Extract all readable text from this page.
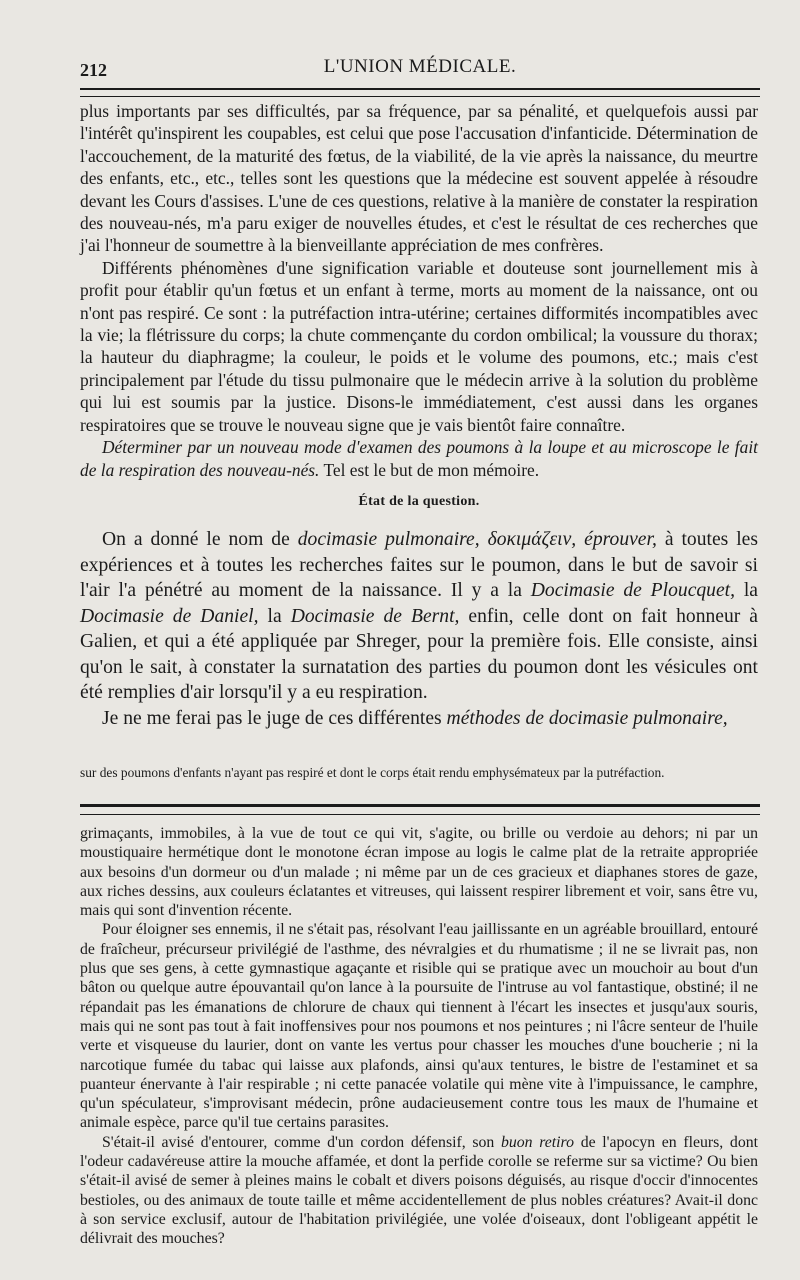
212	L'UNION MÉDICALE.

plus importants par ses difficultés, par sa fréquence, par sa pénalité, et quelquefois aussi par l'intérêt qu'inspirent les coupables, est celui que pose l'accusation d'infanticide. Détermination de l'accouchement, de la maturité des fœtus, de la viabilité, de la vie après la naissance, du meurtre des enfants, etc., etc., telles sont les questions que la médecine est souvent appelée à résoudre devant les Cours d'assises. L'une de ces questions, relative à la manière de constater la respiration des nouveau-nés, m'a paru exiger de nouvelles études, et c'est le résultat de ces recherches que j'ai l'honneur de soumettre à la bienveillante appréciation de mes confrères.

Différents phénomènes d'une signification variable et douteuse sont journellement mis à profit pour établir qu'un fœtus et un enfant à terme, morts au moment de la naissance, ont ou n'ont pas respiré. Ce sont : la putréfaction intra-utérine; certaines difformités incompatibles avec la vie; la flétrissure du corps; la chute commençante du cordon ombilical; la voussure du thorax; la hauteur du diaphragme; la couleur, le poids et le volume des poumons, etc.; mais c'est principalement par l'étude du tissu pulmonaire que le médecin arrive à la solution du problème qui lui est soumis par la justice. Disons-le immédiatement, c'est aussi dans les organes respiratoires que se trouve le nouveau signe que je vais bientôt faire connaître.

Déterminer par un nouveau mode d'examen des poumons à la loupe et au microscope le fait de la respiration des nouveau-nés. Tel est le but de mon mémoire.

État de la question.

On a donné le nom de docimasie pulmonaire, δοκιμάζειν, éprouver, à toutes les expériences et à toutes les recherches faites sur le poumon, dans le but de savoir si l'air l'a pénétré au moment de la naissance. Il y a la Docimasie de Ploucquet, la Docimasie de Daniel, la Docimasie de Bernt, enfin, celle dont on fait honneur à Galien, et qui a été appliquée par Shreger, pour la première fois. Elle consiste, ainsi qu'on le sait, à constater la surnatation des parties du poumon dont les vésicules ont été remplies d'air lorsqu'il y a eu respiration.

Je ne me ferai pas le juge de ces différentes méthodes de docimasie pulmonaire,

sur des poumons d'enfants n'ayant pas respiré et dont le corps était rendu emphysémateux par la putréfaction.

grimaçants, immobiles, à la vue de tout ce qui vit, s'agite, ou brille ou verdoie au dehors; ni par un moustiquaire hermétique dont le monotone écran impose au logis le calme plat de la retraite appropriée aux besoins d'un dormeur ou d'un malade ; ni même par un de ces gracieux et diaphanes stores de gaze, aux riches dessins, aux couleurs éclatantes et vitreuses, qui laissent respirer librement et voir, sans être vu, mais qui sont d'invention récente.

Pour éloigner ses ennemis, il ne s'était pas, résolvant l'eau jaillissante en un agréable brouillard, entouré de fraîcheur, précurseur privilégié de l'asthme, des névralgies et du rhumatisme ; il ne se livrait pas, non plus que ses gens, à cette gymnastique agaçante et risible qui se pratique avec un mouchoir au bout d'un bâton ou quelque autre épouvantail qu'on lance à la poursuite de l'intruse au vol fantastique, obstiné; il ne répandait pas les émanations de chlorure de chaux qui tiennent à l'écart les insectes et jusqu'aux souris, mais qui ne sont pas tout à fait inoffensives pour nos poumons et nos peintures ; ni l'âcre senteur de l'huile verte et visqueuse du laurier, dont on vante les vertus pour chasser les mouches d'une boucherie ; ni la narcotique fumée du tabac qui laisse aux plafonds, ainsi qu'aux tentures, le bistre de l'estaminet et sa puanteur énervante à l'air respirable ; ni cette panacée volatile qui mène vite à l'impuissance, le camphre, qu'un spéculateur, s'improvisant médecin, prône audacieusement contre tous les maux de l'humaine et animale espèce, parce qu'il tue certains parasites.

S'était-il avisé d'entourer, comme d'un cordon défensif, son buon retiro de l'apocyn en fleurs, dont l'odeur cadavéreuse attire la mouche affamée, et dont la perfide corolle se referme sur sa victime? Ou bien s'était-il avisé de semer à pleines mains le cobalt et divers poisons déguisés, au risque d'occir d'innocentes bestioles, ou des animaux de toute taille et même accidentellement de plus nobles créatures? Avait-il donc à son service exclusif, autour de l'habitation privilégiée, une volée d'oiseaux, dont l'obligeant appétit le délivrait des mouches?
